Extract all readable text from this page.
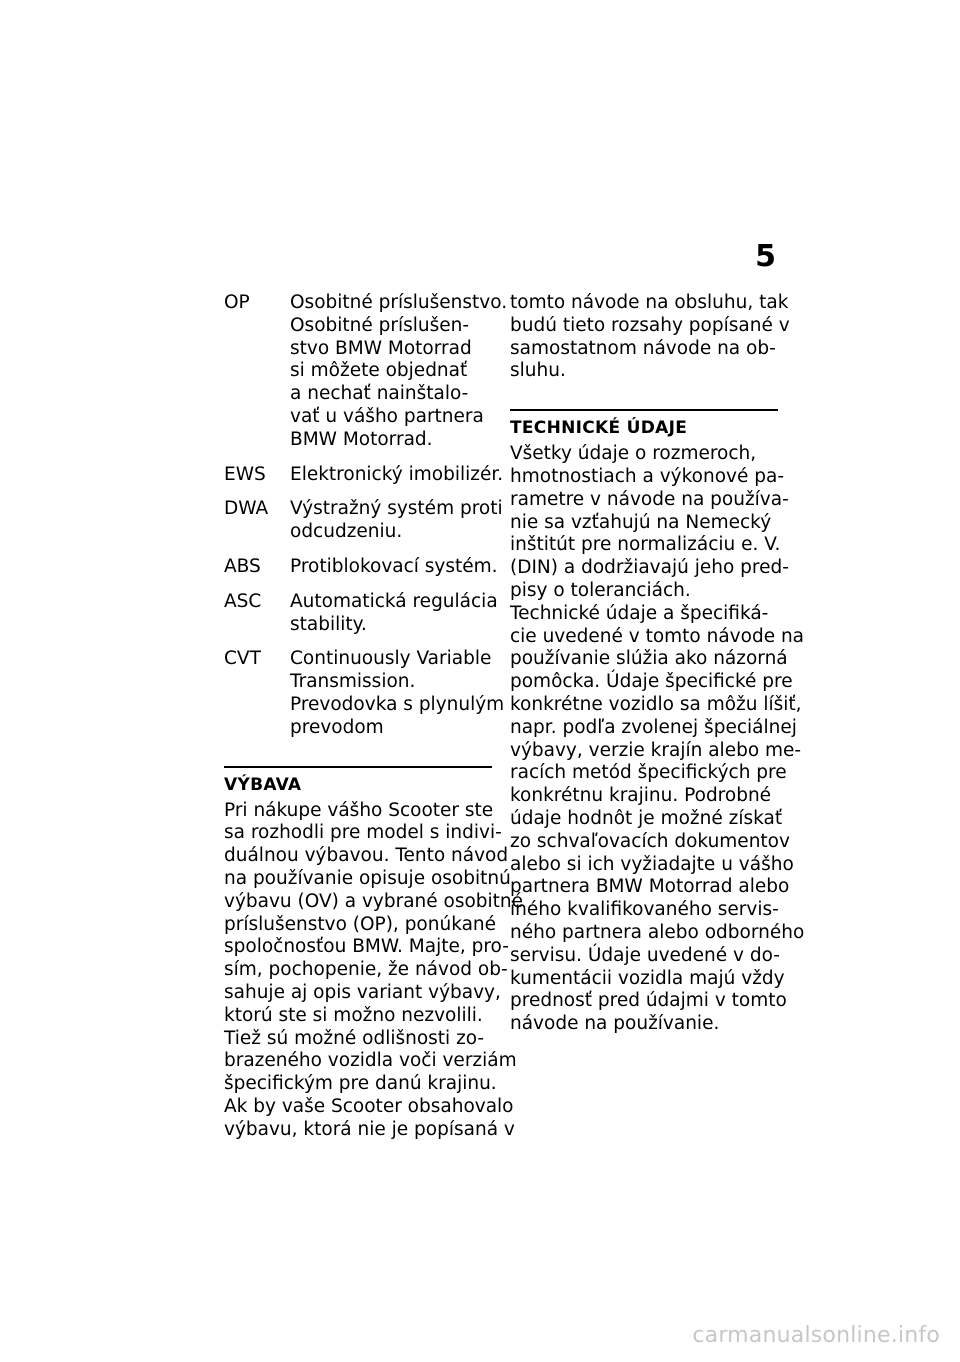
5
OP	Osobitné príslušenstvo.
Osobitné príslušen-
stvo BMW Motorrad
si môžete objednať
a nechať nainštalo-
vať u vášho partnera
BMW Motorrad.
EWS	Elektronický imobilizér.
DWA	Výstražný systém proti
odcudzeniu.
ABS	Protiblokovací systém.
ASC	Automatická regulácia
stability.
CVT	Continuously Variable
Transmission.
Prevodovka s plynulým
prevodom
VÝBAVA
Pri nákupe vášho Scooter ste
sa rozhodli pre model s indivi-
duálnou výbavou. Tento návod
na používanie opisuje osobitnú
výbavu (OV) a vybrané osobitné
príslušenstvo (OP), ponúkané
spoločnosťou BMW. Majte, pro-
sím, pochopenie, že návod ob-
sahuje aj opis variant výbavy,
ktorú ste si možno nezvolili.
Tiež sú možné odlišnosti zo-
brazeného vozidla voči verziám
špecifickým pre danú krajinu.
Ak by vaše Scooter obsahovalo
výbavu, ktorá nie je popísaná v
tomto návode na obsluhu, tak
budú tieto rozsahy popísané v
samostatnom návode na ob-
sluhu.
TECHNICKÉ ÚDAJE
Všetky údaje o rozmeroch,
hmotnostiach a výkonové pa-
rametre v návode na používa-
nie sa vzťahujú na Nemecký
inštitút pre normalizáciu e. V.
(DIN) a dodržiavajú jeho pred-
pisy o toleranciách.
Technické údaje a špecifiká-
cie uvedené v tomto návode na
používanie slúžia ako názorná
pomôcka. Údaje špecifické pre
konkrétne vozidlo sa môžu líšiť,
napr. podľa zvolenej špeciálnej
výbavy, verzie krajín alebo me-
racích metód špecifických pre
konkrétnu krajinu. Podrobné
údaje hodnôt je možné získať
zo schvaľovacích dokumentov
alebo si ich vyžiadajte u vášho
partnera BMW Motorrad alebo
iného kvalifikovaného servis-
ného partnera alebo odborného
servisu. Údaje uvedené v do-
kumentácii vozidla majú vždy
prednosť pred údajmi v tomto
návode na používanie.
carmanualsonline.info
